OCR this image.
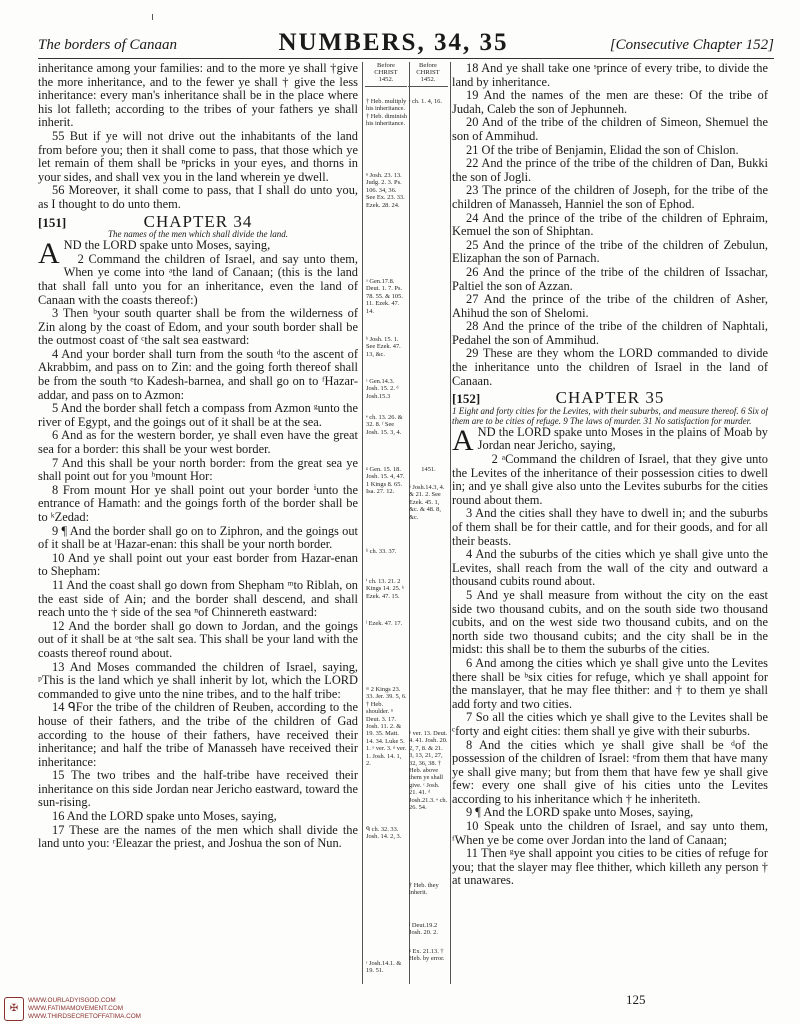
The borders of Canaan	NUMBERS, 34, 35	[Consecutive Chapter 152]

inheritance among your families: and to the more ye shall †give the more inheritance, and to the fewer ye shall † give the less inheritance: every man's inheritance shall be in the place where his lot falleth; according to the tribes of your fathers ye shall inherit.

55 But if ye will not drive out the inhabitants of the land from before you; then it shall come to pass, that those which ye let remain of them shall be ⁿpricks in your eyes, and thorns in your sides, and shall vex you in the land wherein ye dwell.

56 Moreover, it shall come to pass, that I shall do unto you, as I thought to do unto them.

[151]	CHAPTER 34
The names of the men which shall divide the land.

AND the LORD spake unto Moses, saying,

2 Command the children of Israel, and say unto them, When ye come into ᵃthe land of Canaan; (this is the land that shall fall unto you for an inheritance, even the land of Canaan with the coasts thereof:)

3 Then ᵇyour south quarter shall be from the wilderness of Zin along by the coast of Edom, and your south border shall be the outmost coast of ᶜthe salt sea eastward:

4 And your border shall turn from the south ᵈto the ascent of Akrabbim, and pass on to Zin: and the going forth thereof shall be from the south ᵉto Kadesh-barnea, and shall go on to ᶠHazar-addar, and pass on to Azmon:

5 And the border shall fetch a compass from Azmon ᵍunto the river of Egypt, and the goings out of it shall be at the sea.

6 And as for the western border, ye shall even have the great sea for a border: this shall be your west border.

7 And this shall be your north border: from the great sea ye shall point out for you ʰmount Hor:

8 From mount Hor ye shall point out your border ⁱunto the entrance of Hamath: and the goings forth of the border shall be to ᵏZedad:

9 ¶ And the border shall go on to Ziphron, and the goings out of it shall be at ˡHazar-enan: this shall be your north border.

10 And ye shall point out your east border from Hazar-enan to Shepham:

11 And the coast shall go down from Shepham ᵐto Riblah, on the east side of Ain; and the border shall descend, and shall reach unto the † side of the sea ⁿof Chinnereth eastward:

12 And the border shall go down to Jordan, and the goings out of it shall be at ᵒthe salt sea. This shall be your land with the coasts thereof round about.

13 And Moses commanded the children of Israel, saying, ᵖThis is the land which ye shall inherit by lot, which the LORD commanded to give unto the nine tribes, and to the half tribe:

14 ᑫFor the tribe of the children of Reuben, according to the house of their fathers, and the tribe of the children of Gad according to the house of their fathers, have received their inheritance; and half the tribe of Manasseh have received their inheritance:

15 The two tribes and the half-tribe have received their inheritance on this side Jordan near Jericho eastward, toward the sun-rising.

16 And the LORD spake unto Moses, saying,

17 These are the names of the men which shall divide the land unto you: ʳEleazar the priest, and Joshua the son of Nun.

Before CHRIST
1452.
† Heb. multiply his inheritance. † Heb. diminish his inheritance.
ⁿ Josh. 23. 13. Judg. 2. 3. Ps. 106. 34, 36. See Ex. 23. 33. Ezek. 28. 24.
ᵃ Gen.17.8. Deut. 1. 7. Ps. 78. 55. & 105. 11. Ezek. 47. 14.
ᵇ Josh. 15. 1. See Ezek. 47. 13, &c.
ᶜ Gen.14.3. Josh. 15. 2. ᵈ Josh.15.3
ᵉ ch. 13. 26. & 32. 8. ᶠ See Josh. 15. 3, 4.
ᵍ Gen. 15. 18. Josh. 15. 4, 47. 1 Kings 8. 65. Isa. 27. 12.
ʰ ch. 33. 37.
ⁱ ch. 13. 21. 2 Kings 14. 25. ᵏ Ezek. 47. 15.
ˡ Ezek. 47. 17.
ᵐ 2 Kings 23. 33. Jer. 39. 5, 6. † Heb. shoulder. ⁿ Deut. 3. 17. Josh. 11. 2. & 19. 35. Matt. 14. 34. Luke 5. 1. ᵒ ver. 3. ᵖ ver. 1. Josh. 14. 1, 2.
ᑫ ch. 32. 33. Josh. 14. 2, 3.
ʳ Josh.14.1. & 19. 51.
Before CHRIST
1452.
ˢ ch. 1. 4, 16.
1451.
ᵃ Josh.14.3, 4. & 21. 2. See Ezek. 45. 1, &c. & 48. 8, &c.
ᵇ ver. 13. Deut. 4. 41. Josh. 20. 2, 7, 8. & 21. 3, 13, 21, 27, 32, 36, 38. † Heb. above them ye shall give. ᶜ Josh. 21. 41. ᵈ Josh.21.3. ᵉ ch. 26. 54.
† Heb. they inherit.
ᶠ Deut.19.2 Josh. 20. 2.
ᵍ Ex. 21.13. † Heb. by error.

18 And ye shall take one ˢprince of every tribe, to divide the land by inheritance.

19 And the names of the men are these: Of the tribe of Judah, Caleb the son of Jephunneh.

20 And of the tribe of the children of Simeon, Shemuel the son of Ammihud.

21 Of the tribe of Benjamin, Elidad the son of Chislon.

22 And the prince of the tribe of the children of Dan, Bukki the son of Jogli.

23 The prince of the children of Joseph, for the tribe of the children of Manasseh, Hanniel the son of Ephod.

24 And the prince of the tribe of the children of Ephraim, Kemuel the son of Shiphtan.

25 And the prince of the tribe of the children of Zebulun, Elizaphan the son of Parnach.

26 And the prince of the tribe of the children of Issachar, Paltiel the son of Azzan.

27 And the prince of the tribe of the children of Asher, Ahihud the son of Shelomi.

28 And the prince of the tribe of the children of Naphtali, Pedahel the son of Ammihud.

29 These are they whom the LORD commanded to divide the inheritance unto the children of Israel in the land of Canaan.

[152]	CHAPTER 35
1 Eight and forty cities for the Levites, with their suburbs, and measure thereof. 6 Six of them are to be cities of refuge. 9 The laws of murder. 31 No satisfaction for murder.

AND the LORD spake unto Moses in the plains of Moab by Jordan near Jericho, saying,

2 ᵃCommand the children of Israel, that they give unto the Levites of the inheritance of their possession cities to dwell in; and ye shall give also unto the Levites suburbs for the cities round about them.

3 And the cities shall they have to dwell in; and the suburbs of them shall be for their cattle, and for their goods, and for all their beasts.

4 And the suburbs of the cities which ye shall give unto the Levites, shall reach from the wall of the city and outward a thousand cubits round about.

5 And ye shall measure from without the city on the east side two thousand cubits, and on the south side two thousand cubits, and on the west side two thousand cubits, and on the north side two thousand cubits; and the city shall be in the midst: this shall be to them the suburbs of the cities.

6 And among the cities which ye shall give unto the Levites there shall be ᵇsix cities for refuge, which ye shall appoint for the manslayer, that he may flee thither: and † to them ye shall add forty and two cities.

7 So all the cities which ye shall give to the Levites shall be ᶜforty and eight cities: them shall ye give with their suburbs.

8 And the cities which ye shall give shall be ᵈof the possession of the children of Israel: ᵉfrom them that have many ye shall give many; but from them that have few ye shall give few: every one shall give of his cities unto the Levites according to his inheritance which † he inheriteth.

9 ¶ And the LORD spake unto Moses, saying,

10 Speak unto the children of Israel, and say unto them, ᶠWhen ye be come over Jordan into the land of Canaan;

11 Then ᵍye shall appoint you cities to be cities of refuge for you; that the slayer may flee thither, which killeth any person † at unawares.

✠
WWW.OURLADYISGOD.COM
WWW.FATIMAMOVEMENT.COM
WWW.THIRDSECRETOFFATIMA.COM
125
